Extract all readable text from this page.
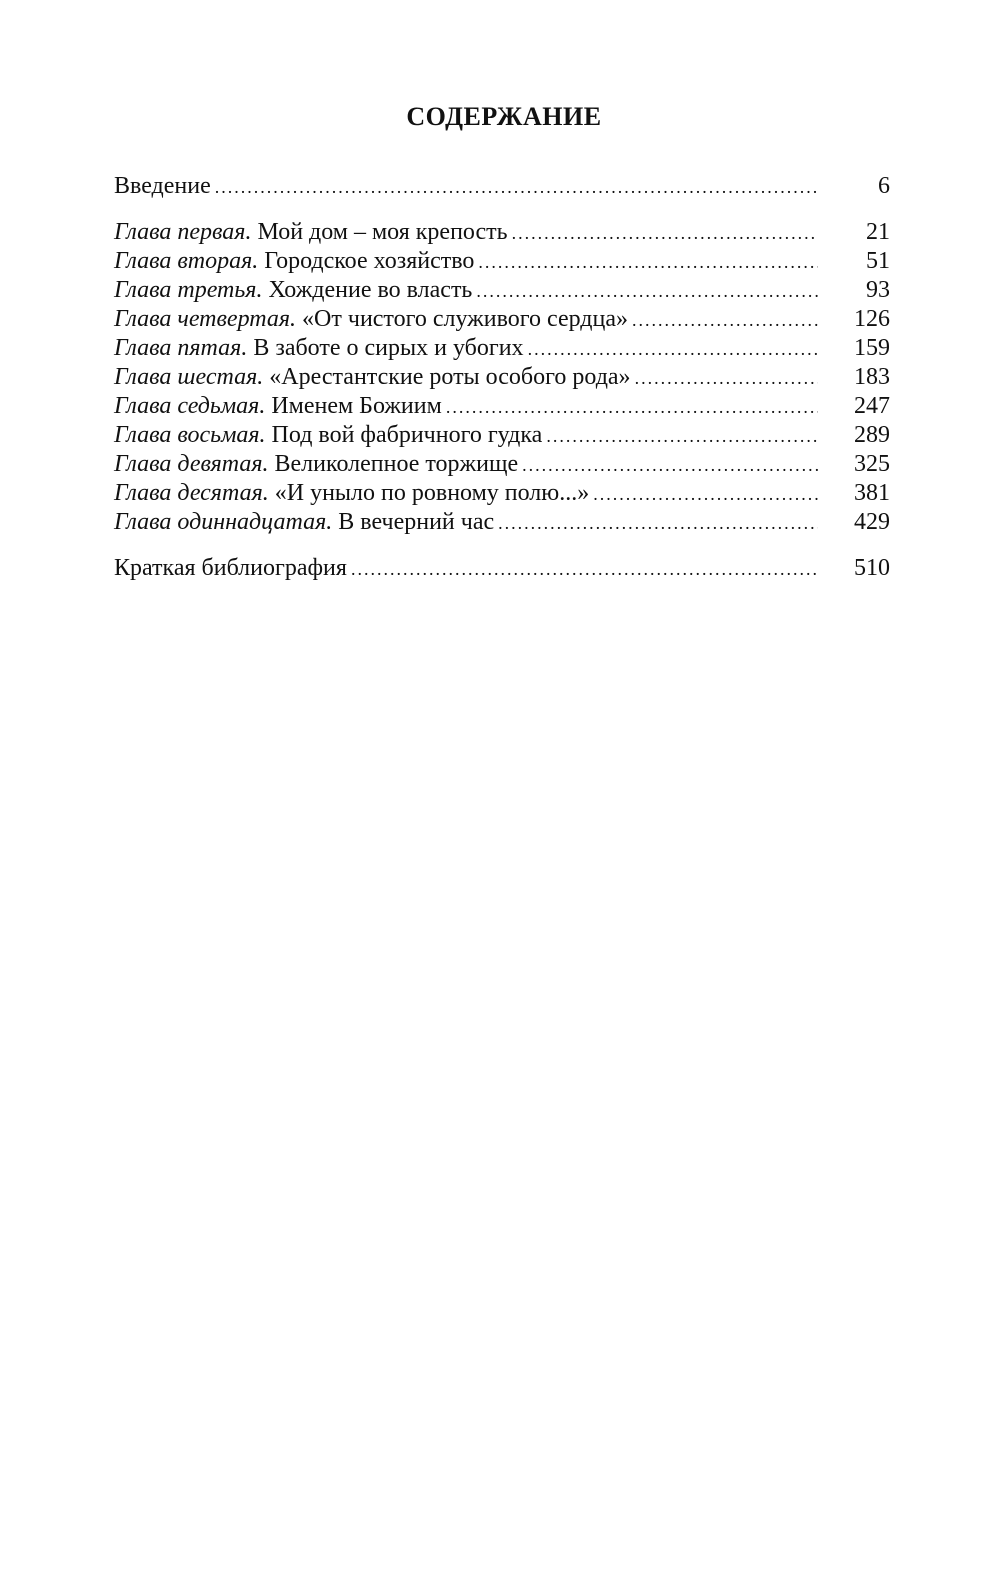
СОДЕРЖАНИЕ
Введение .....	6
Глава первая. Мой дом – моя крепость .....	21
Глава вторая. Городское хозяйство .....	51
Глава третья. Хождение во власть .....	93
Глава четвертая. «От чистого служивого сердца» .....	126
Глава пятая. В заботе о сирых и убогих .....	159
Глава шестая. «Арестантские роты особого рода» .....	183
Глава седьмая. Именем Божиим .....	247
Глава восьмая. Под вой фабричного гудка .....	289
Глава девятая. Великолепное торжище .....	325
Глава десятая. «И уныло по ровному полю...» .....	381
Глава одиннадцатая. В вечерний час .....	429
Краткая библиография .....	510
